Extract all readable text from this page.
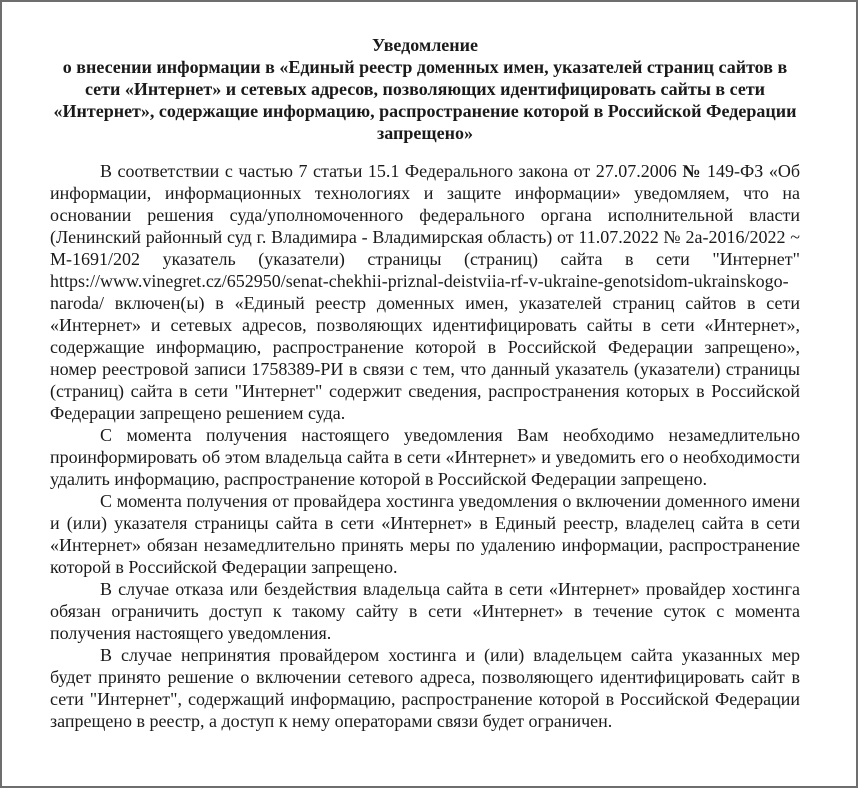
Уведомление
о внесении информации в «Единый реестр доменных имен, указателей страниц сайтов в сети «Интернет» и сетевых адресов, позволяющих идентифицировать сайты в сети «Интернет», содержащие информацию, распространение которой в Российской Федерации запрещено»

В соответствии с частью 7 статьи 15.1 Федерального закона от 27.07.2006 № 149-ФЗ «Об информации, информационных технологиях и защите информации» уведомляем, что на основании решения суда/уполномоченного федерального органа исполнительной власти (Ленинский районный суд г. Владимира - Владимирская область) от 11.07.2022 № 2а-2016/2022 ~ М-1691/202 указатель (указатели) страницы (страниц) сайта в сети "Интернет" https://www.vinegret.cz/652950/senat-chekhii-priznal-deistviia-rf-v-ukraine-genotsidom-ukrainskogo-naroda/ включен(ы) в «Единый реестр доменных имен, указателей страниц сайтов в сети «Интернет» и сетевых адресов, позволяющих идентифицировать сайты в сети «Интернет», содержащие информацию, распространение которой в Российской Федерации запрещено», номер реестровой записи 1758389-РИ в связи с тем, что данный указатель (указатели) страницы (страниц) сайта в сети "Интернет" содержит сведения, распространения которых в Российской Федерации запрещено решением суда.

С момента получения настоящего уведомления Вам необходимо незамедлительно проинформировать об этом владельца сайта в сети «Интернет» и уведомить его о необходимости удалить информацию, распространение которой в Российской Федерации запрещено.

С момента получения от провайдера хостинга уведомления о включении доменного имени и (или) указателя страницы сайта в сети «Интернет» в Единый реестр, владелец сайта в сети «Интернет» обязан незамедлительно принять меры по удалению информации, распространение которой в Российской Федерации запрещено.

В случае отказа или бездействия владельца сайта в сети «Интернет» провайдер хостинга обязан ограничить доступ к такому сайту в сети «Интернет» в течение суток с момента получения настоящего уведомления.

В случае непринятия провайдером хостинга и (или) владельцем сайта указанных мер будет принято решение о включении сетевого адреса, позволяющего идентифицировать сайт в сети "Интернет", содержащий информацию, распространение которой в Российской Федерации запрещено в реестр, а доступ к нему операторами связи будет ограничен.
